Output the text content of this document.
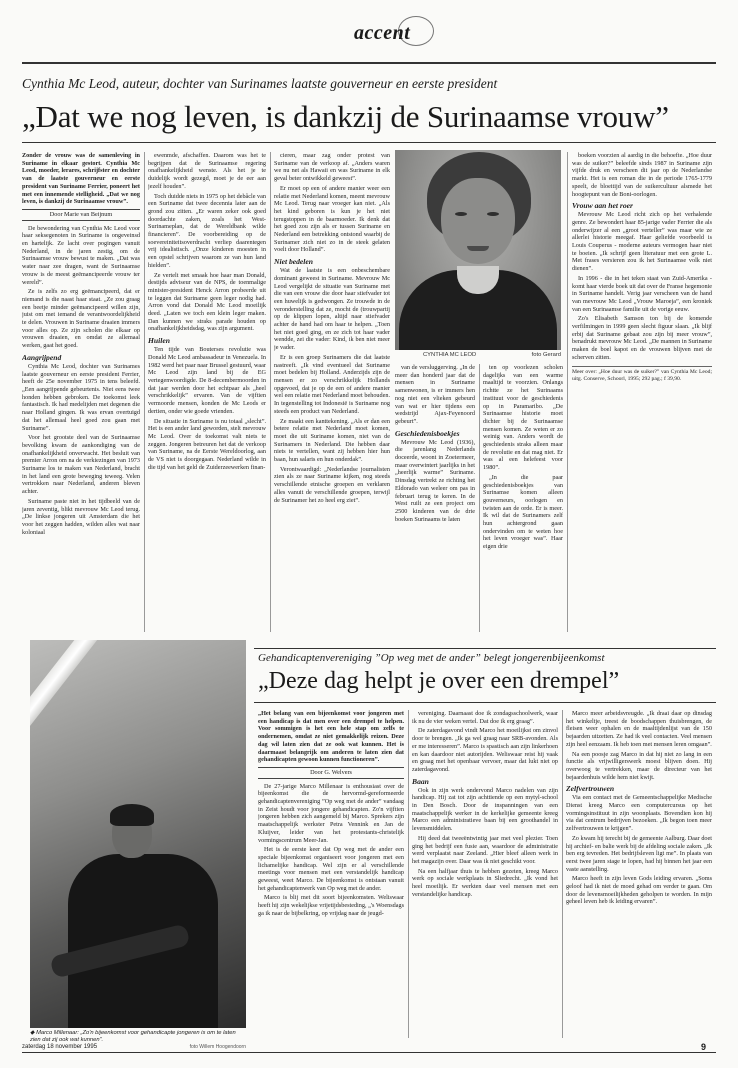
accent
Cynthia Mc Leod, auteur, dochter van Surinames laatste gouverneur en eerste president
„Dat we nog leven, is dankzij de Surinaamse vrouw”

Zonder de vrouw was de samenleving in Suriname in elkaar gestort. Cynthia Mc Leod, moeder, lerares, schrijfster en dochter van de laatste gouverneur en eerste president van Suriname Ferrier, poneert het met een innemende stelligheid. „Dat we nog leven, is dankzij de Surinaamse vrouw”.

Door Marie van Beijnum

De bewondering van Cynthia Mc Leod voor haar seksegenoten in Suriname is ongeveinsd en hartelijk. Ze lacht over pogingen vanuit Nederland, in de jaren zestig, om de Surinaamse vrouw bewust te maken. „Dat was water naar zee dragen, want de Surinaamse vrouw is de meest geëmancipeerde vrouw ter wereld”.

Ze is zelfs zo erg geëmancipeerd, dat er niemand is die naast haar staat. „Ze zou graag een beetje minder geëmancipeerd willen zijn, juist om met iemand de verantwoordelijkheid te delen. Vrouwen in Suriname draaien immers voor alles op. Ze zijn scholen die elkaar op vrouwen draaien, en omdat ze allemaal werken, gaat het goed.

Aangrijpend

Cynthia Mc Leod, dochter van Surinames laatste gouverneur en eerste president Ferrier, heeft de 25e november 1975 in tens beleefd. „Een aangrijpende gebeurtenis. Niet eens twee honden hebben gebroken. De toekomst leek fantastisch. Ik had medelijden met degenen die naar Holland gingen. Ik was ervan overtuigd dat het allemaal heel goed zou gaan met Suriname”.

Voor het grootste deel van de Surinaamse bevolking kwam de aankondiging van de onafhankelijkheid onverwacht. Het besluit van premier Arron om na de verkiezingen van 1973 Suriname los te maken van Nederland, bracht in het land een grote beweging teweeg. Velen vertrokken naar Nederland, anderen bleven achter.

Suriname paste niet in het tijdbeeld van de jaren zeventig, blikt mevrouw Mc Leod terug. „De linkse jongeren uit Amsterdam die het voor het zeggen hadden, wilden alles wat naar koloniaal

ewenmde, afschaffen. Daarom was het te begrijpen dat de Surinaamse regering onafhankelijkheid wenste. Als het je te duidelijk wordt gezegd, moet je de eer aan jezelf houden”.

Toch duidde niets in 1975 op het debâcle van een Suriname dat twee decennia later aan de grond zou zitten. „Er waren zeker ook goed doordachte zaken, zoals het West-Surinameplan, dat de Wereldbank wilde financieren”. De voorbereiding op de soevereiniteitsoverdracht verliep daarentegen vrij idealistisch. „Onze kinderen moesten in een opstel schrijven waarom ze van hun land hielden”.

Ze vertelt met smaak hoe haar man Donald, destijds adviseur van de NPS, de toenmalige minister-president Henck Arron probeerde uit te leggen dat Suriname geen leger nodig had. Arron vond dat Donald Mc Leod moeilijk deed. „Laten we toch een klein leger maken. Dan kunnen we straks parade houden op onafhankelijkheidsdag, was zijn argument.

Huilen

Ten tijde van Bouterses revolutie was Donald Mc Leod ambassadeur in Venezuela. In 1982 werd het paar naar Brussel gestuurd, waar Mc Leod zijn land bij de EG vertegenwoordigde. De 8-decembermoorden in dat jaar werden door het echtpaar als „heel verschrikkelijk” ervaren. Van de vijftien vermoorde mensen, konden de Mc Leods er dertien, onder wie goede vrienden.

De situatie in Suriname is nu totaal „slecht”. Het is een ander land geworden, stelt mevrouw Mc Leod. Over de toekomst valt niets te zeggen. Jongeren betreuren het dat de verkoop van Suriname, na de Eerste Wereldoorlog, aan de VS niet is doorgegaan. Nederland wilde in die tijd van het geld de Zuiderzeewerken finan-

cieren, maar zag onder protest van Suriname van de verkoop af. „Anders waren we nu net als Hawaii en was Suriname in elk geval beter ontwikkeld geweest”.

Er moet op een of andere manier weer een relatie met Nederland komen, meent mevrouw Mc Leod. Terug naar vroeger kan niet. „Als het kind geboren is kun je het niet terugstoppen in de baarmoeder. Ik denk dat het goed zou zijn als er tussen Suriname en Nederland een betrekking ontstond waarbij de Surinamer zich niet zo in de steek gelaten voelt door Holland”.

Niet bedelen

Wat de laatste is een onbeschembare dominant geweest in Suriname. Mevrouw Mc Leod vergelijkt de situatie van Suriname met die van een vrouw die door haar stiefvader tot een huwelijk is gedwongen. Ze trouwde in de veronderstelling dat ze, mocht de (trouwpartij op de klippen lopen, altijd naar stiefvader achter de hand had om haar te helpen. „Toen het niet goed ging, en ze zich tot haar vader wendde, zei die vader: Kind, ik ben niet meer je vader.

Er is een groep Surinamers die dat laatste nastreeft. „Ik vind eventueel dat Suriname moet bedelen bij Holland. Anderzijds zijn de mensen er zo verschrikkelijk Hollands opgevoed, dat je op de een of andere manier wel een relatie met Nederland moet behouden. In tegenstelling tot Indonesië is Suriname nog steeds een product van Nederland.

Ze maakt een kanttekening. „Als er dan een betere relatie met Nederland moet komen, moet die uit Suriname komen, niet van de Surinamers in Nederland. Die hebben daar niets te vertellen, want zij hebben hier hun baan, hun salaris en hun onderdak”.

Verontwaardigd: „Nederlandse journalisten zien als ze naar Suriname kijken, nog steeds verschillende etnische groepen en verklaren alles vanuit de verschillende groepen, terwijl de Surinamer het zo heel erg ziet”.

CYNTHIA MC LEOD	foto Gerard

van de versluggerving. „In de meer dan honderd jaar dat de mensen in Suriname samenwonen, is er immers hen nog niet een vlieken gebeurd van wat er hier tijdens een wedstrijd Ajax-Feyenoord gebeurt”.

Geschiedenisboekjes

Mevrouw Mc Leod (1936), die jarenlang Nederlands doceerde, woont in Zoetermeer, maar overwintert jaarlijks in het „heerlijk warme” Suriname. Dinsdag vertrekt ze richting het Eldorado van weleer om pas in februari terug te keren. In de West ruilt ze een project om 2500 kinderen van de drie boeken Surinaams te laten

ten op voorlezen scholen dagelijks van een warme maaltijd te voorzien. Onlangs richtte ze het Surinaams instituut voor de geschiedenis op in Paramaribo. „De Surinaamse historie moet dichter bij de Surinaamse mensen komen. Ze weten er zo weinig van. Anders wordt de geschiedenis straks alleen maar de revolutie en dat mag niet. Er was al een helefeest voor 1980”.

„In die paar geschiedenisboekjes van Surinamse komen alleen gouverneurs, oorlogen en twisten aan de orde. Er is meer. Ik wil dat de Surinamers zelf hun achtergrond gaan ondervinden om te weten hoe het leven vroeger was”. Haar eigen drie

boeken voorzien al aardig in die behoefte. „Hoe duur was de suiker?” beleefde sinds 1987 in Suriname zijn vijfde druk en verscheen dit jaar op de Nederlandse markt. Het is een roman die in de periode 1765-1779 speelt, de bloeitijd van de suikercultuur alsmede het hoogtepunt van de Boni-oorlogen.

Vrouw aan het roer

Mevrouw Mc Leod richt zich op het verhalende genre. Ze bewondert haar 85-jarige vader Ferrier die als onderwijzer al een „groot verteller” was maar wie ze allerlei historie meegaf. Haar geliefde voorbeeld is Louis Couperus - moderne auteurs vermogen haar niet te boeien. „Ik schrijf geen literatuur met een grote L. Met frases versieren zou ik het Surinaamse volk niet dienen”.

In 1996 - die in het teken staat van Zuid-Amerika - komt haar vierde boek uit dat over de Franse hegemonie in Suriname handelt. Verig jaar verscheen van de hand van mevrouw Mc Leod „Vrouw Maroeja”, een kroniek van een Surinaamse familie uit de vorige eeuw.

Zo's Elisabeth Samson ton bij de komende verfilmingen in 1999 geen slecht figuur slaan. „Ik blijf erbij dat Suriname gebaat zou zijn bij meer vrouw”, benadrukt mevrouw Mc Leod. „De mannen in Suriname maken de boel kapot en de vrouwen blijven met de scherven zitten.

Meer over: „Hoe duur was de suiker?” van Cynthia Mc Leod; uitg. Conserve, Schoorl, 1995; 292 pag.; f 39,90.

◆ Marco Millenaar: „Zo'n bijeenkomst voor gehandicapte jongeren is om te laten zien dat zij ook wat kunnen”.
foto Willem Hoogendoorn
Gehandicaptenvereniging ”Op weg met de ander” belegt jongerenbijeenkomst
„Deze dag helpt je over een drempel”

„Het belang van een bijeenkomst voor jongeren met een handicap is dat men over een drempel te helpen. Voor sommigen is het een hele stap om zelfs te ondernemen, omdat ze niet gemakkelijk reizen. Deze dag wil laten zien dat ze ook wat kunnen. Het is daarmaast belangrijk om anderen te laten zien dat gehandicapten gewoon kunnen functioneren”.

Door G. Welvers

De 27-jarige Marco Millenaar is enthousiast over de bijeenkomst die de hervormd-gereformeerde gehandicaptenvereniging ”Op weg met de ander” vandaag in Zeist houdt voor jongere gehandicapten. Zo'n vijftien jongeren hebben zich aangemeld bij Marco. Sprekers zijn maatschappelijk werkster Petra Vennink en Jan de Kluijver, leider van het protestants-christelijk vormingscentrum Meer-Jan.

Het is de eerste keer dat Op weg met de ander een speciale bijeenkomst organiseert voor jongeren met een lichamelijke handicap. Wel zijn er al verschillende meetings voor mensen met een verstandelijk handicap geweest, weet Marco. De bijeenkomst is ontstaan vanuit het gehandicaptenwerk van Op weg met de ander.

Marco is blij met dit soort bijeenkomsten. Weliswaar heeft hij zijn wekelijkse vrijetijdsbesteding, „'s Woensdags ga ik naar de bijbelkring, op vrijdag naar de jeugd-

vereniging. Daarnaast doe ik zondagsschoolwerk, waar ik nu de vier weken vertel. Dat doe ik erg graag”.

De zaterdagavond vindt Marco het moeilijkst om zinvol door te brengen. „Ik ga wel graag naar SRB-avonden. Als er me interesseren”. Marco is spastisch aan zijn linkerhoen en kan daardoor niet autorijden. Weliswaar reist hij vaak en graag met het openbaar vervoer, maar dat lukt niet op zaterdagavond.

Baan

Ook in zijn werk ondervond Marco nadelen van zijn handicap. Hij zat tot zijn achttiende op een mytyl-school in Den Bosch. Door de inspanningen van een maatschappelijk werker in de kerkelijke gemeente kreeg Marco een administratieve baan bij een groothandel in levensmiddelen.

Hij deed dat tweeëntwintig jaar met veel plezier. Toen ging het bedrijf een fusie aan, waardoor de administratie werd verplaatst naar Zeeland. „Hier bleef alleen werk in het magazijn over. Daar was ik niet geschikt voor.

Na een halfjaar thuis te hebben gezeten, kreeg Marco werk op sociale werkplaats in Sliedrecht. „Ik vond het heel moeilijk. Er werkten daar veel mensen met een verstandelijke handicap.

Marco meer arbeidsvreugde. „Ik draai daar op dinsdag het winkeltje, treest de boodschappen thuisbrengen, de fleisen weer ophalen en de maaltijdenlijst van de 150 bejaarden uitzetten. Ze had ik veel contacten. Veel mensen zijn heel eenzaam. Ik heb toen met mensen leren omgaan”.

Na een poosje zag Marco in dat hij niet zo lang in een functie als vrijwilligerswerk moest blijven doen. Hij overwoog te vertrekken, maar de directeur van het bejaardenhuis wilde hem niet kwijt.

Zelfvertrouwen

Via een contact met de Gemeentschappelijke Medische Dienst kreeg Marco een computercursus op het vormingsinstituut in zijn woonplaats. Bovendien kon hij via dat centrum bedrijven bezoeken. „Ik begon toen meer zelfvertrouwen te krijgen”.

Zo kwam hij terecht bij de gemeente Aalburg. Daar doet hij archief- en balie werk bij de afdeling sociale zaken. „Ik ben erg tevreden. Het bedrijfsleven ligt me”. In plaats van eerst twee jaren stage te lopen, had hij binnen het jaar een vaste aanstelling.

Marco heeft in zijn leven Gods leiding ervaren. „Soms geloof had ik niet de moed gehad om verder te gaan. Om door de levensmoeilijkheden geholpen te worden. In mijn geheel leven heb ik leiding ervaren”.

zaterdag 18 november 1995	9
